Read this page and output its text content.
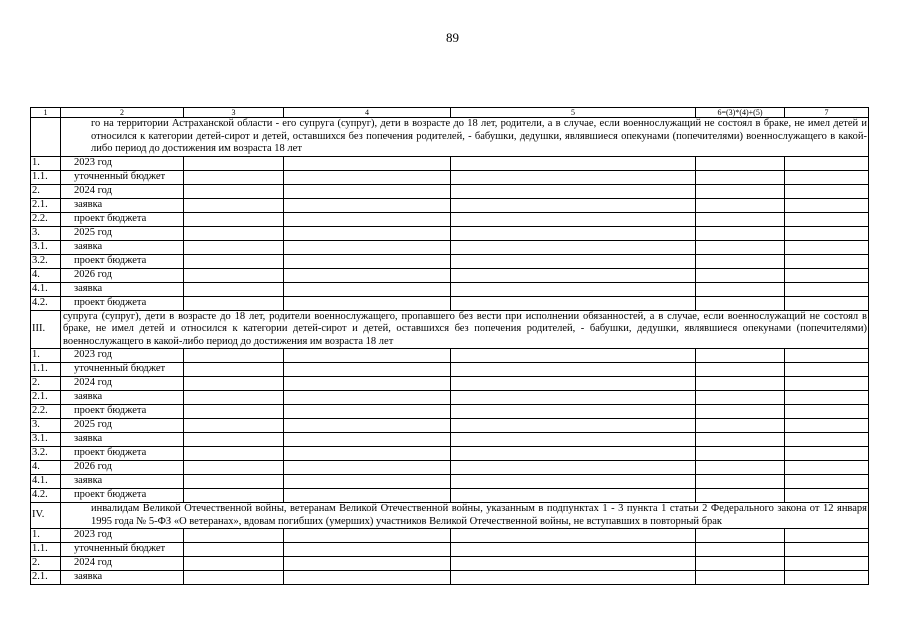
89
1	2	3	4	5	6=(3)*(4)+(5)	7
	го на территории Астраханской области - его супруга (супруг), дети в возрасте до 18 лет, родители, а в случае, если военнослужащий не состоял в браке, не имел детей и относился к категории детей-сирот и детей, оставшихся без попечения родителей, - бабушки, дедушки, являвшиеся опекунами (попечителями) военнослужащего в какой-либо период до достижения им возраста 18 лет					
1.	2023 год					
1.1.	уточненный бюджет					
2.	2024 год					
2.1.	заявка					
2.2.	проект бюджета					
3.	2025 год					
3.1.	заявка					
3.2.	проект бюджета					
4.	2026 год					
4.1.	заявка					
4.2.	проект бюджета					
III.	супруга (супруг), дети в возрасте до 18 лет, родители военнослужащего, пропавшего без вести при исполнении обязанностей, а в случае, если военнослужащий не состоял в браке, не имел детей и относился к категории детей-сирот и детей, оставшихся без попечения родителей, - бабушки, дедушки, являвшиеся опекунами (попечителями) военнослужащего в какой-либо период до достижения им возраста 18 лет					
1.	2023 год					
1.1.	уточненный бюджет					
2.	2024 год					
2.1.	заявка					
2.2.	проект бюджета					
3.	2025 год					
3.1.	заявка					
3.2.	проект бюджета					
4.	2026 год					
4.1.	заявка					
4.2.	проект бюджета					
IV.	инвалидам Великой Отечественной войны, ветеранам Великой Отечественной войны, указанным в подпунктах 1 - 3 пункта 1 статьи 2 Федерального закона от 12 января 1995 года № 5-ФЗ «О ветеранах», вдовам погибших (умерших) участников Великой Отечественной войны, не вступавших в повторный брак					
1.	2023 год					
1.1.	уточненный бюджет					
2.	2024 год					
2.1.	заявка					
